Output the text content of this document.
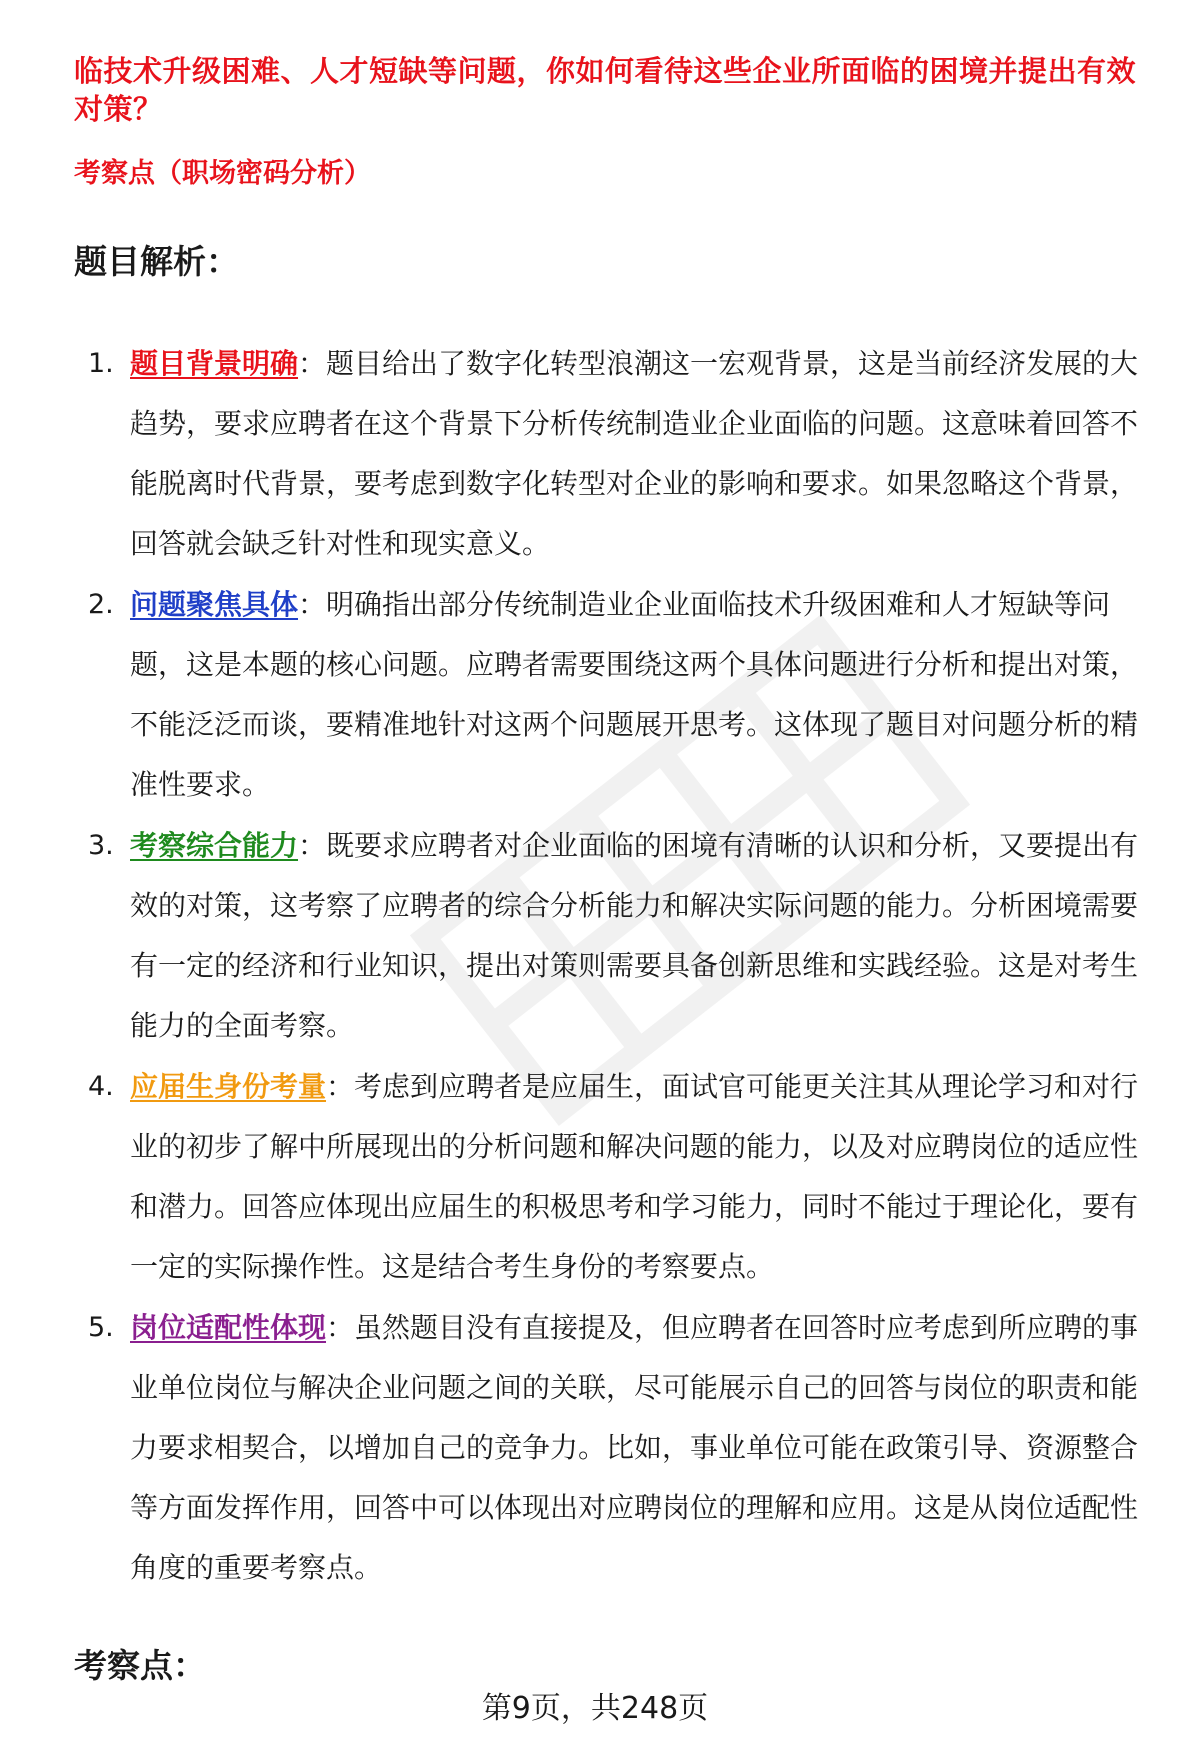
临技术升级困难、人才短缺等问题，你如何看待这些企业所面临的困境并提出有效对策？
考察点（职场密码分析）
题目解析：
1. 题目背景明确：题目给出了数字化转型浪潮这一宏观背景，这是当前经济发展的大趋势，要求应聘者在这个背景下分析传统制造业企业面临的问题。这意味着回答不能脱离时代背景，要考虑到数字化转型对企业的影响和要求。如果忽略这个背景，回答就会缺乏针对性和现实意义。
2. 问题聚焦具体：明确指出部分传统制造业企业面临技术升级困难和人才短缺等问题，这是本题的核心问题。应聘者需要围绕这两个具体问题进行分析和提出对策，不能泛泛而谈，要精准地针对这两个问题展开思考。这体现了题目对问题分析的精准性要求。
3. 考察综合能力：既要求应聘者对企业面临的困境有清晰的认识和分析，又要提出有效的对策，这考察了应聘者的综合分析能力和解决实际问题的能力。分析困境需要有一定的经济和行业知识，提出对策则需要具备创新思维和实践经验。这是对考生能力的全面考察。
4. 应届生身份考量：考虑到应聘者是应届生，面试官可能更关注其从理论学习和对行业的初步了解中所展现出的分析问题和解决问题的能力，以及对应聘岗位的适应性和潜力。回答应体现出应届生的积极思考和学习能力，同时不能过于理论化，要有一定的实际操作性。这是结合考生身份的考察要点。
5. 岗位适配性体现：虽然题目没有直接提及，但应聘者在回答时应考虑到所应聘的事业单位岗位与解决企业问题之间的关联，尽可能展示自己的回答与岗位的职责和能力要求相契合，以增加自己的竞争力。比如，事业单位可能在政策引导、资源整合等方面发挥作用，回答中可以体现出对应聘岗位的理解和应用。这是从岗位适配性角度的重要考察点。
考察点：
第9页，共248页
